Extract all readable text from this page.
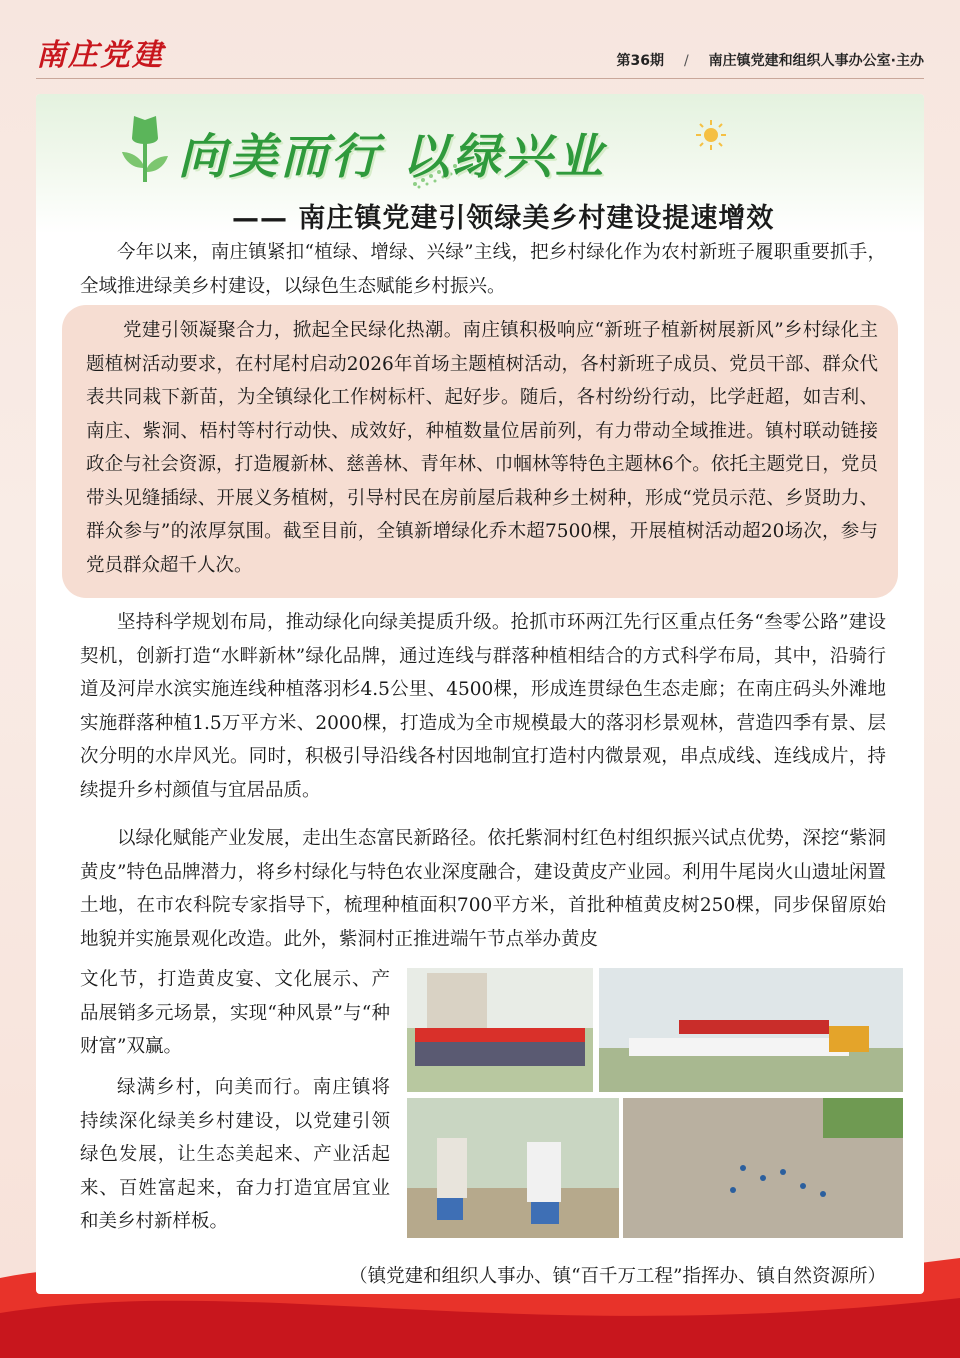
南庄党建	第36期 / 南庄镇党建和组织人事办公室·主办
向美而行 以绿兴业
—— 南庄镇党建引领绿美乡村建设提速增效

今年以来，南庄镇紧扣“植绿、增绿、兴绿”主线，把乡村绿化作为农村新班子履职重要抓手，全域推进绿美乡村建设，以绿色生态赋能乡村振兴。

党建引领凝聚合力，掀起全民绿化热潮。南庄镇积极响应“新班子植新树展新风”乡村绿化主题植树活动要求，在村尾村启动2026年首场主题植树活动，各村新班子成员、党员干部、群众代表共同栽下新苗，为全镇绿化工作树标杆、起好步。随后，各村纷纷行动，比学赶超，如吉利、南庄、紫洞、梧村等村行动快、成效好，种植数量位居前列，有力带动全域推进。镇村联动链接政企与社会资源，打造履新林、慈善林、青年林、巾帼林等特色主题林6个。依托主题党日，党员带头见缝插绿、开展义务植树，引导村民在房前屋后栽种乡土树种，形成“党员示范、乡贤助力、群众参与”的浓厚氛围。截至目前，全镇新增绿化乔木超7500棵，开展植树活动超20场次，参与党员群众超千人次。

坚持科学规划布局，推动绿化向绿美提质升级。抢抓市环两江先行区重点任务“叁零公路”建设契机，创新打造“水畔新林”绿化品牌，通过连线与群落种植相结合的方式科学布局，其中，沿骑行道及河岸水滨实施连线种植落羽杉4.5公里、4500棵，形成连贯绿色生态走廊；在南庄码头外滩地实施群落种植1.5万平方米、2000棵，打造成为全市规模最大的落羽杉景观林，营造四季有景、层次分明的水岸风光。同时，积极引导沿线各村因地制宜打造村内微景观，串点成线、连线成片，持续提升乡村颜值与宜居品质。

以绿化赋能产业发展，走出生态富民新路径。依托紫洞村红色村组织振兴试点优势，深挖“紫洞黄皮”特色品牌潜力，将乡村绿化与特色农业深度融合，建设黄皮产业园。利用牛尾岗火山遗址闲置土地，在市农科院专家指导下，梳理种植面积700平方米，首批种植黄皮树250棵，同步保留原始地貌并实施景观化改造。此外，紫洞村正推进端午节点举办黄皮

文化节，打造黄皮宴、文化展示、产品展销多元场景，实现“种风景”与“种财富”双赢。

绿满乡村，向美而行。南庄镇将持续深化绿美乡村建设，以党建引领绿色发展，让生态美起来、产业活起来、百姓富起来，奋力打造宜居宜业和美乡村新样板。

（镇党建和组织人事办、镇“百千万工程”指挥办、镇自然资源所）
